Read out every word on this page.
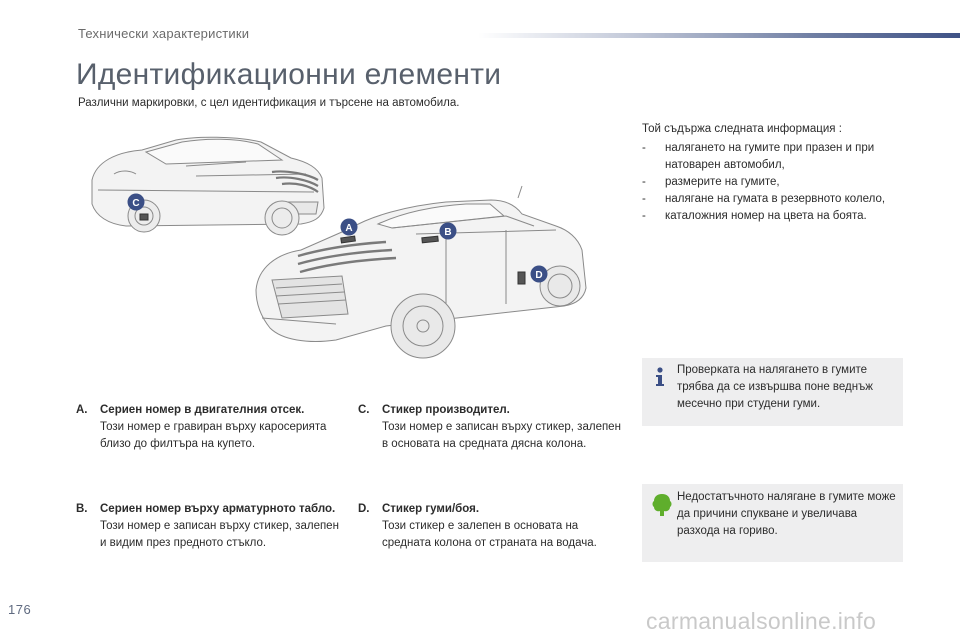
Технически характеристики
Идентификационни елементи
Различни маркировки, с цел идентификация и търсене на автомобила.
A	B
C
D
Той съдържа следната информация :
- наляганeто на гумите при празен и при натоварен автомобил,
- размерите на гумите,
- налягане на гумата в резервното колело,
- каталожния номер на цвета на боята.
Проверката на налягането в гумите трябва да се извършва поне веднъж месечно при студени гуми.
Недостатъчното налягане в гумите може да причини спукване и увеличава разхода на гориво.
A. Сериен номер в двигателния отсек.
Този номер е гравиран върху каросерията близо до филтъра на купето.
B. Сериен номер върху арматурното табло.
Този номер е записан върху стикер, залепен и видим през предното стъкло.
C. Стикер производител.
Този номер е записан върху стикер, залепен в основата на средната дясна колона.
D. Стикер гуми/боя.
Този стикер е залепен в основата на средната колона от страната на водача.
176	carmanualsonline.info
